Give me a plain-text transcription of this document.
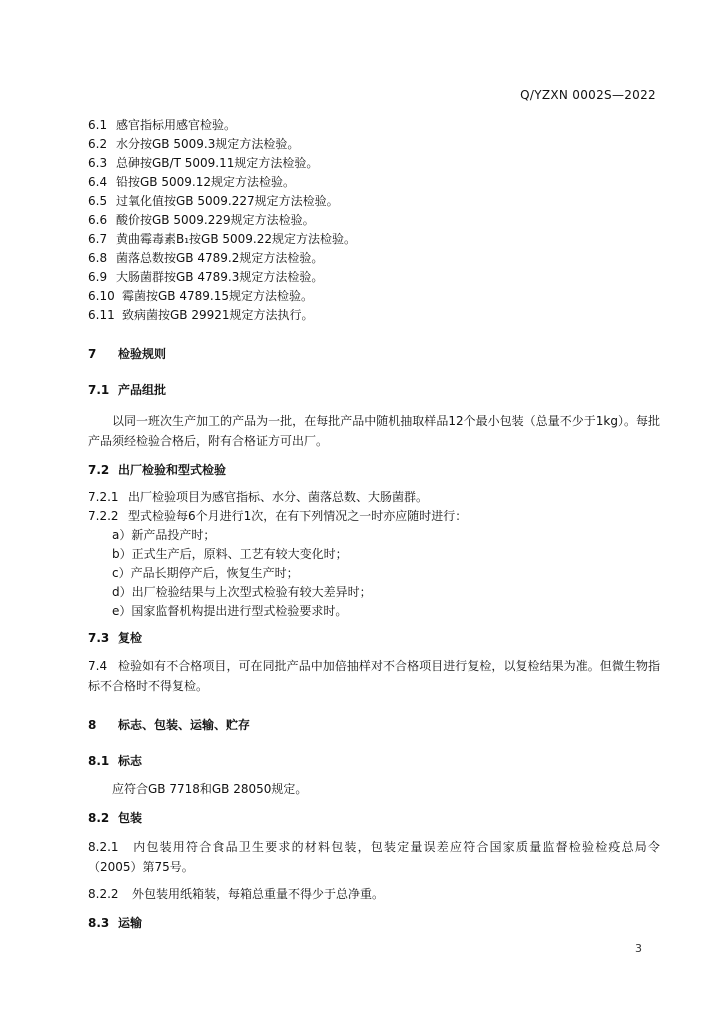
Q/YZXN 0002S—2022
6.1 感官指标用感官检验。
6.2 水分按GB 5009.3规定方法检验。
6.3 总砷按GB/T 5009.11规定方法检验。
6.4 铅按GB 5009.12规定方法检验。
6.5 过氧化值按GB 5009.227规定方法检验。
6.6 酸价按GB 5009.229规定方法检验。
6.7 黄曲霉毒素B₁按GB 5009.22规定方法检验。
6.8 菌落总数按GB 4789.2规定方法检验。
6.9 大肠菌群按GB 4789.3规定方法检验。
6.10 霉菌按GB 4789.15规定方法检验。
6.11 致病菌按GB 29921规定方法执行。
7 检验规则
7.1 产品组批
以同一班次生产加工的产品为一批，在每批产品中随机抽取样品12个最小包装（总量不少于1kg）。每批产品须经检验合格后，附有合格证方可出厂。
7.2 出厂检验和型式检验
7.2.1 出厂检验项目为感官指标、水分、菌落总数、大肠菌群。
7.2.2 型式检验每6个月进行1次，在有下列情况之一时亦应随时进行：
a）新产品投产时；
b）正式生产后，原料、工艺有较大变化时；
c）产品长期停产后，恢复生产时；
d）出厂检验结果与上次型式检验有较大差异时；
e）国家监督机构提出进行型式检验要求时。
7.3 复检
7.4 检验如有不合格项目，可在同批产品中加倍抽样对不合格项目进行复检，以复检结果为准。但微生物指标不合格时不得复检。
8 标志、包装、运输、贮存
8.1 标志
应符合GB 7718和GB 28050规定。
8.2 包装
8.2.1 内包装用符合食品卫生要求的材料包装，包装定量误差应符合国家质量监督检验检疫总局令（2005）第75号。
8.2.2 外包装用纸箱装，每箱总重量不得少于总净重。
8.3 运输
3
